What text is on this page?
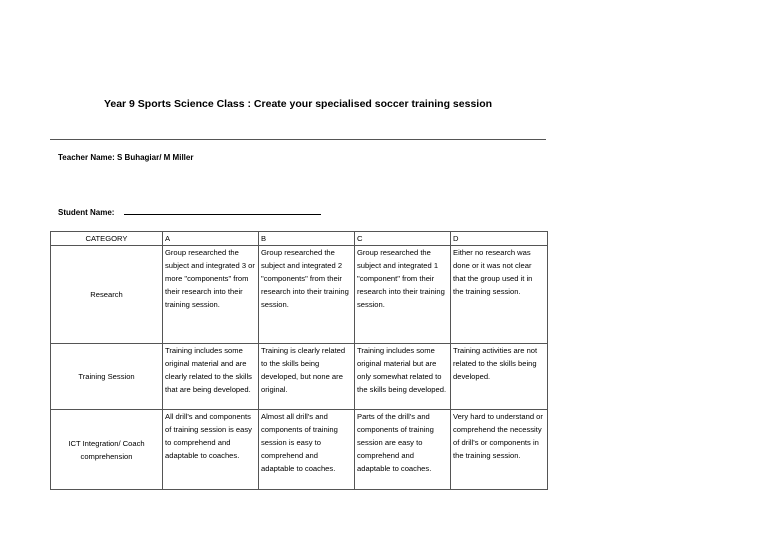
Year 9 Sports Science Class : Create your specialised soccer training session
Teacher Name: S Buhagiar/ M Miller
Student Name:
CATEGORY	A	B	C	D
Research	Group researched the subject and integrated 3 or more "components" from their research into their training session.	Group researched the subject and integrated 2 "components" from their research into their training session.	Group researched the subject and integrated 1 "component" from their research into their training session.	Either no research was done or it was not clear that the group used it in the training session.
Training Session	Training includes some original material and are clearly related to the skills that are being developed.	Training is clearly related to the skills being developed, but none are original.	Training includes some original material but are only somewhat related to the skills being developed.	Training activities are not related to the skills being developed.
ICT Integration/ Coach comprehension	All drill's and components of training session is easy to comprehend and adaptable to coaches.	Almost all drill's and components of training session is easy to comprehend and adaptable to coaches.	Parts of the drill's and components of training session are easy to comprehend and adaptable to coaches.	Very hard to understand or comprehend the necessity of drill's or components in the training session.
